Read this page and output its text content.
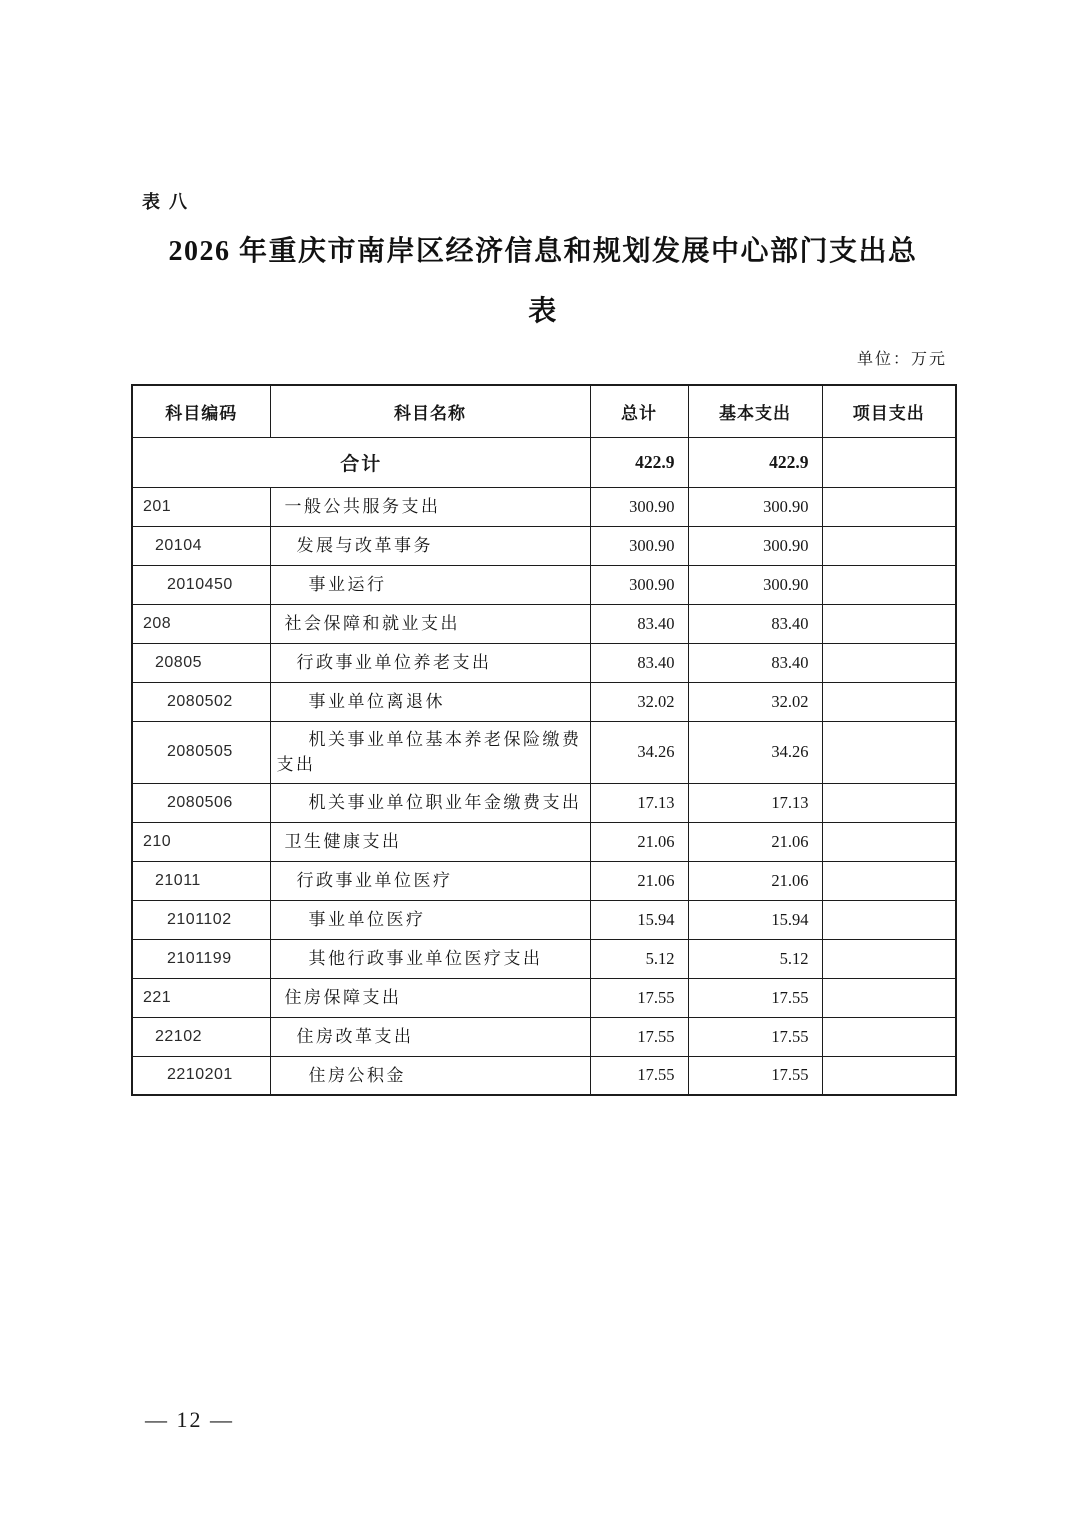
表 八
2026 年重庆市南岸区经济信息和规划发展中心部门支出总
表
单位：万元
科目编码	科目名称	总计	基本支出	项目支出
合计		422.9	422.9	
201	一般公共服务支出	300.90	300.90	
20104	发展与改革事务	300.90	300.90	
2010450	事业运行	300.90	300.90	
208	社会保障和就业支出	83.40	83.40	
20805	行政事业单位养老支出	83.40	83.40	
2080502	事业单位离退休	32.02	32.02	
2080505	机关事业单位基本养老保险缴费支出	34.26	34.26	
2080506	机关事业单位职业年金缴费支出	17.13	17.13	
210	卫生健康支出	21.06	21.06	
21011	行政事业单位医疗	21.06	21.06	
2101102	事业单位医疗	15.94	15.94	
2101199	其他行政事业单位医疗支出	5.12	5.12	
221	住房保障支出	17.55	17.55	
22102	住房改革支出	17.55	17.55	
2210201	住房公积金	17.55	17.55	
— 12 —
